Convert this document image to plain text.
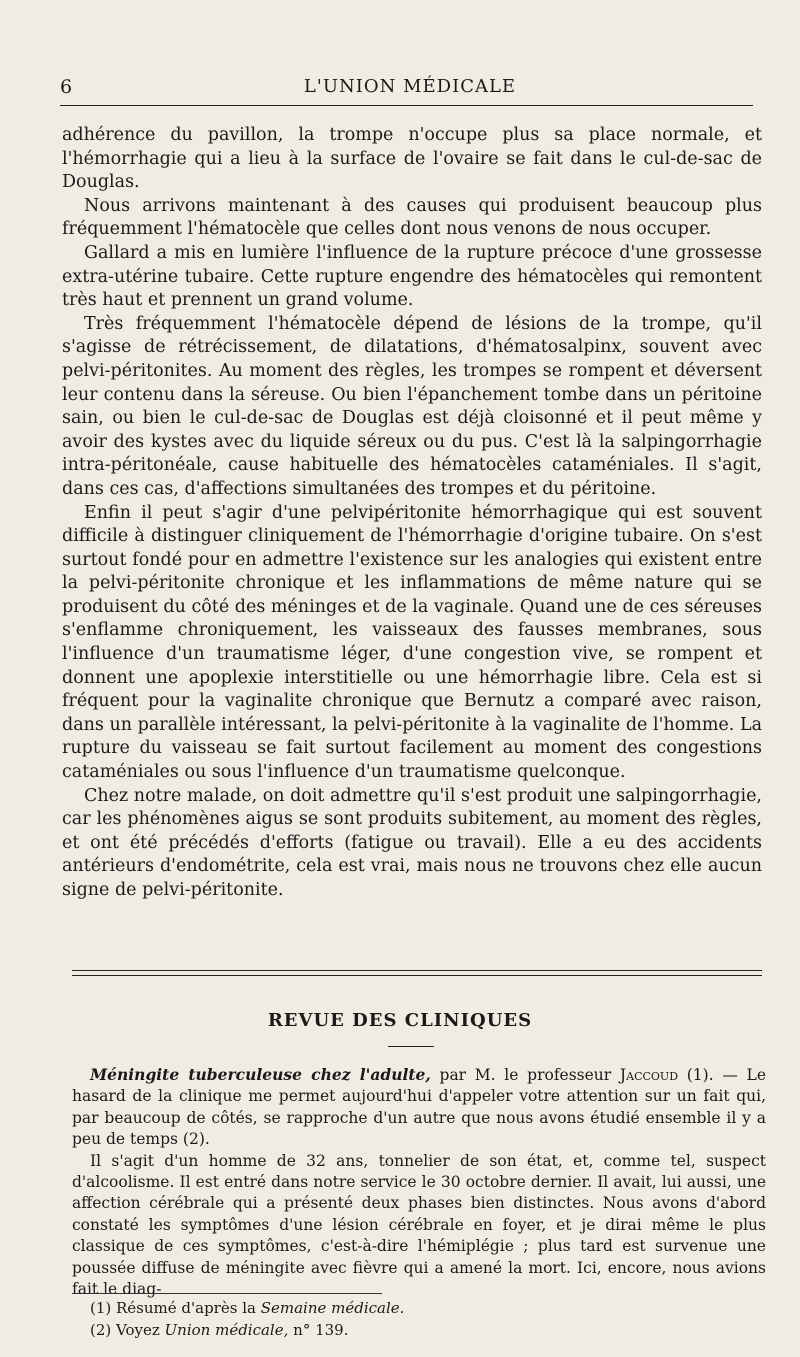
6	L'UNION MÉDICALE

adhérence du pavillon, la trompe n'occupe plus sa place normale, et l'hémorrhagie qui a lieu à la surface de l'ovaire se fait dans le cul-de-sac de Douglas.

Nous arrivons maintenant à des causes qui produisent beaucoup plus fréquemment l'hématocèle que celles dont nous venons de nous occuper.

Gallard a mis en lumière l'influence de la rupture précoce d'une grossesse extra-utérine tubaire. Cette rupture engendre des hématocèles qui remontent très haut et prennent un grand volume.

Très fréquemment l'hématocèle dépend de lésions de la trompe, qu'il s'agisse de rétrécissement, de dilatations, d'hématosalpinx, souvent avec pelvi-péritonites. Au moment des règles, les trompes se rompent et déversent leur contenu dans la séreuse. Ou bien l'épanchement tombe dans un péritoine sain, ou bien le cul-de-sac de Douglas est déjà cloisonné et il peut même y avoir des kystes avec du liquide séreux ou du pus. C'est là la salpingorrhagie intra-péritonéale, cause habituelle des hématocèles cataméniales. Il s'agit, dans ces cas, d'affections simultanées des trompes et du péritoine.

Enfin il peut s'agir d'une pelvipéritonite hémorrhagique qui est souvent difficile à distinguer cliniquement de l'hémorrhagie d'origine tubaire. On s'est surtout fondé pour en admettre l'existence sur les analogies qui existent entre la pelvi-péritonite chronique et les inflammations de même nature qui se produisent du côté des méninges et de la vaginale. Quand une de ces séreuses s'enflamme chroniquement, les vaisseaux des fausses membranes, sous l'influence d'un traumatisme léger, d'une congestion vive, se rompent et donnent une apoplexie interstitielle ou une hémorrhagie libre. Cela est si fréquent pour la vaginalite chronique que Bernutz a comparé avec raison, dans un parallèle intéressant, la pelvi-péritonite à la vaginalite de l'homme. La rupture du vaisseau se fait surtout facilement au moment des congestions cataméniales ou sous l'influence d'un traumatisme quelconque.

Chez notre malade, on doit admettre qu'il s'est produit une salpingorrhagie, car les phénomènes aigus se sont produits subitement, au moment des règles, et ont été précédés d'efforts (fatigue ou travail). Elle a eu des accidents antérieurs d'endométrite, cela est vrai, mais nous ne trouvons chez elle aucun signe de pelvi-péritonite.

REVUE DES CLINIQUES

Méningite tuberculeuse chez l'adulte, par M. le professeur Jaccoud (1). — Le hasard de la clinique me permet aujourd'hui d'appeler votre attention sur un fait qui, par beaucoup de côtés, se rapproche d'un autre que nous avons étudié ensemble il y a peu de temps (2).

Il s'agit d'un homme de 32 ans, tonnelier de son état, et, comme tel, suspect d'alcoolisme. Il est entré dans notre service le 30 octobre dernier. Il avait, lui aussi, une affection cérébrale qui a présenté deux phases bien distinctes. Nous avons d'abord constaté les symptômes d'une lésion cérébrale en foyer, et je dirai même le plus classique de ces symptômes, c'est-à-dire l'hémiplégie ; plus tard est survenue une poussée diffuse de méningite avec fièvre qui a amené la mort. Ici, encore, nous avions fait le diag-

(1) Résumé d'après la Semaine médicale.
(2) Voyez Union médicale, n° 139.
